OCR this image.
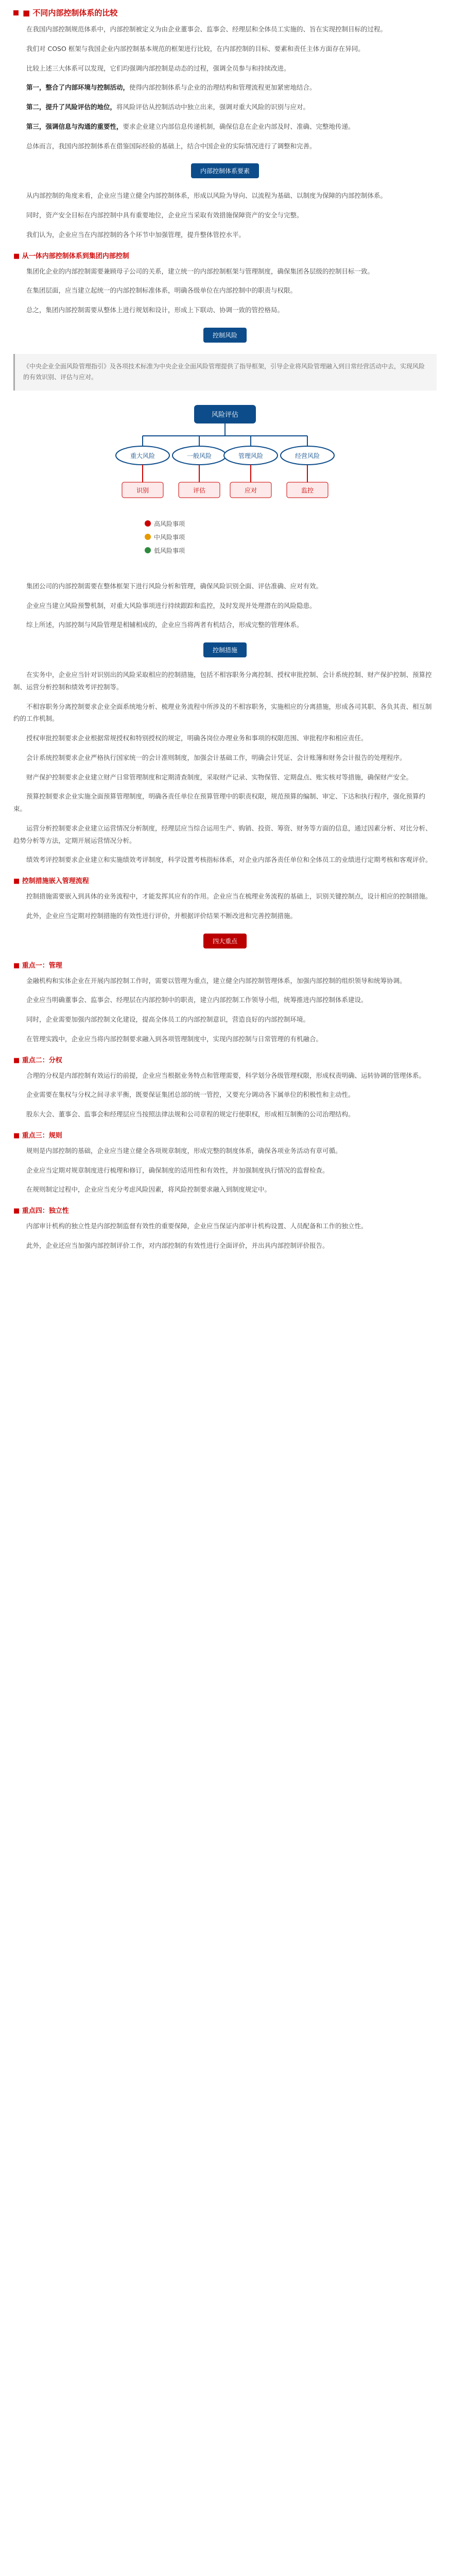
■ 不同内部控制体系的比较

在我国内部控制规范体系中，内部控制被定义为由企业董事会、监事会、经理层和全体员工实施的、旨在实现控制目标的过程。

我们对 COSO 框架与我国企业内部控制基本规范的框架进行比较，在内部控制的目标、要素和责任主体方面存在异同。

比较上述三大体系可以发现，它们均强调内部控制是动态的过程，强调全员参与和持续改进。

第一，整合了内部环境与控制活动，使得内部控制体系与企业的治理结构和管理流程更加紧密地结合。

第二，提升了风险评估的地位，将风险评估从控制活动中独立出来，强调对重大风险的识别与应对。

第三，强调信息与沟通的重要性，要求企业建立内部信息传递机制，确保信息在企业内部及时、准确、完整地传递。

总体而言，我国内部控制体系在借鉴国际经验的基础上，结合中国企业的实际情况进行了调整和完善。

内部控制体系要素

从内部控制的角度来看，企业应当建立健全内部控制体系，形成以风险为导向、以流程为基础、以制度为保障的内部控制体系。

同时，资产安全目标在内部控制中具有重要地位，企业应当采取有效措施保障资产的安全与完整。

我们认为，企业应当在内部控制的各个环节中加强管理，提升整体管控水平。

■ 从一体内部控制体系到集团内部控制

集团化企业的内部控制需要兼顾母子公司的关系，建立统一的内部控制框架与管理制度，确保集团各层级的控制目标一致。

在集团层面，应当建立起统一的内部控制标准体系，明确各级单位在内部控制中的职责与权限。

总之，集团内部控制需要从整体上进行规划和设计，形成上下联动、协调一致的管控格局。

控制风险
《中央企业全面风险管理指引》及各项技术标准为中央企业全面风险管理提供了指导框架，引导企业将风险管理融入到日常经营活动中去，实现风险的有效识别、评估与应对。
风险评估
重大风险	一般风险	管理风险	经营风险
识别	评估	应对	监控
高风险事项
中风险事项
低风险事项

集团公司的内部控制需要在整体框架下进行风险分析和管理，确保风险识别全面、评估准确、应对有效。

企业应当建立风险预警机制，对重大风险事项进行持续跟踪和监控，及时发现并处理潜在的风险隐患。

综上所述，内部控制与风险管理是相辅相成的，企业应当将两者有机结合，形成完整的管理体系。

控制措施

在实务中，企业应当针对识别出的风险采取相应的控制措施，包括不相容职务分离控制、授权审批控制、会计系统控制、财产保护控制、预算控制、运营分析控制和绩效考评控制等。

不相容职务分离控制要求企业全面系统地分析、梳理业务流程中所涉及的不相容职务，实施相应的分离措施，形成各司其职、各负其责、相互制约的工作机制。

授权审批控制要求企业根据常规授权和特别授权的规定，明确各岗位办理业务和事项的权限范围、审批程序和相应责任。

会计系统控制要求企业严格执行国家统一的会计准则制度，加强会计基础工作，明确会计凭证、会计账簿和财务会计报告的处理程序。

财产保护控制要求企业建立财产日常管理制度和定期清查制度，采取财产记录、实物保管、定期盘点、账实核对等措施，确保财产安全。

预算控制要求企业实施全面预算管理制度，明确各责任单位在预算管理中的职责权限，规范预算的编制、审定、下达和执行程序，强化预算约束。

运营分析控制要求企业建立运营情况分析制度，经理层应当综合运用生产、购销、投资、筹资、财务等方面的信息，通过因素分析、对比分析、趋势分析等方法，定期开展运营情况分析。

绩效考评控制要求企业建立和实施绩效考评制度，科学设置考核指标体系，对企业内部各责任单位和全体员工的业绩进行定期考核和客观评价。

■ 控制措施嵌入管理流程

控制措施需要嵌入到具体的业务流程中，才能发挥其应有的作用。企业应当在梳理业务流程的基础上，识别关键控制点，设计相应的控制措施。

此外，企业应当定期对控制措施的有效性进行评价，并根据评价结果不断改进和完善控制措施。

四大重点
■ 重点一：管理

金融机构和实体企业在开展内部控制工作时，需要以管理为重点，建立健全内部控制管理体系，加强内部控制的组织领导和统筹协调。

企业应当明确董事会、监事会、经理层在内部控制中的职责，建立内部控制工作领导小组，统筹推进内部控制体系建设。

同时，企业需要加强内部控制文化建设，提高全体员工的内部控制意识，营造良好的内部控制环境。

在管理实践中，企业应当将内部控制要求融入到各项管理制度中，实现内部控制与日常管理的有机融合。

■ 重点二：分权

合理的分权是内部控制有效运行的前提，企业应当根据业务特点和管理需要，科学划分各级管理权限，形成权责明确、运转协调的管理体系。

企业需要在集权与分权之间寻求平衡，既要保证集团总部的统一管控，又要充分调动各下属单位的积极性和主动性。

股东大会、董事会、监事会和经理层应当按照法律法规和公司章程的规定行使职权，形成相互制衡的公司治理结构。

■ 重点三：规则

规则是内部控制的基础，企业应当建立健全各项规章制度，形成完整的制度体系，确保各项业务活动有章可循。

企业应当定期对规章制度进行梳理和修订，确保制度的适用性和有效性，并加强制度执行情况的监督检查。

在规则制定过程中，企业应当充分考虑风险因素，将风险控制要求融入到制度规定中。

■ 重点四：独立性

内部审计机构的独立性是内部控制监督有效性的重要保障，企业应当保证内部审计机构设置、人员配备和工作的独立性。

此外，企业还应当加强内部控制评价工作，对内部控制的有效性进行全面评价，并出具内部控制评价报告。
